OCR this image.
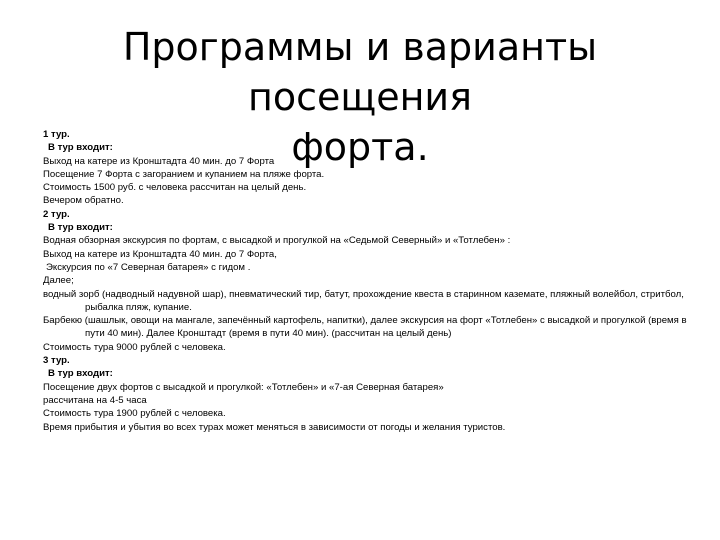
Программы и варианты посещения
форта.
1 тур.
В тур входит:
Выход на катере из Кронштадта 40 мин. до 7 Форта
Посещение 7 Форта с загоранием и купанием на пляже форта.
Стоимость 1500 руб. с человека рассчитан на целый день.
Вечером обратно.
2 тур.
В тур входит:
Водная обзорная экскурсия по фортам, с высадкой и прогулкой на «Седьмой Северный» и «Тотлебен» :
Выход на катере из Кронштадта 40 мин. до 7 Форта,
Экскурсия по «7 Северная батарея» с гидом .
Далее;
водный зорб (надводный надувной шар), пневматический тир, батут, прохождение квеста в старинном каземате, пляжный волейбол, стритбол, рыбалка пляж, купание.
Барбекю (шашлык, овощи на мангале, запечённый картофель, напитки), далее экскурсия на форт «Тотлебен» с высадкой и прогулкой (время в пути 40 мин). Далее Кронштадт (время в пути 40 мин). (рассчитан на целый день)
Стоимость тура 9000 рублей с человека.
3 тур.
В тур входит:
Посещение двух фортов с высадкой и прогулкой: «Тотлебен» и «7-ая Северная батарея»
рассчитана на 4-5 часа
Стоимость тура 1900 рублей с человека.
Время прибытия и убытия во всех турах может меняться в зависимости от погоды и желания туристов.
